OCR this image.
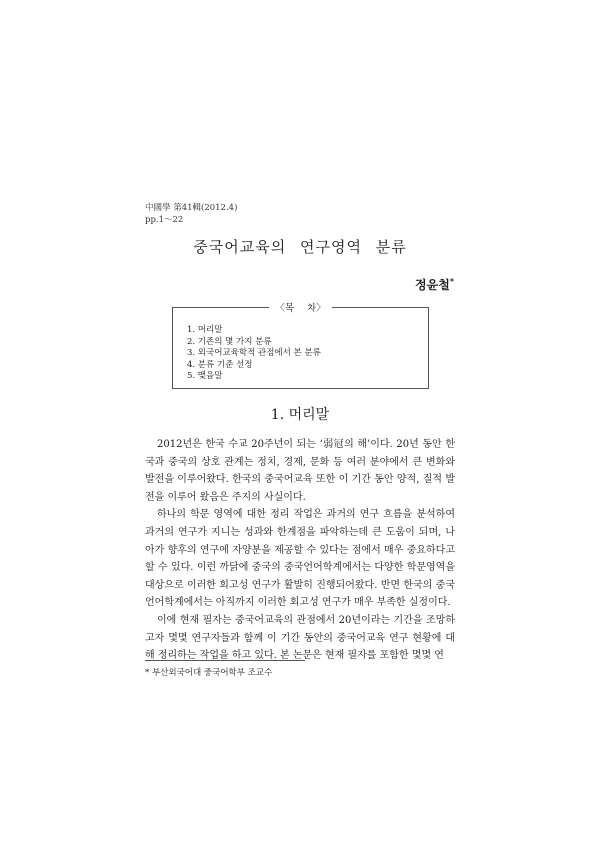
中國學 第41輯(2012.4)
pp.1～22
중국어교육의 연구영역 분류
정윤철*
〈목 차〉
1. 머리말
2. 기존의 몇 가지 분류
3. 외국어교육학적 관점에서 본 분류
4. 분류 기준 선정
5. 맺음말
1. 머리말

2012년은 한국 수교 20주년이 되는 ‘弱冠의 해’이다. 20년 동안 한국과 중국의 상호 관계는 정치, 경제, 문화 등 여러 분야에서 큰 변화와 발전을 이루어왔다. 한국의 중국어교육 또한 이 기간 동안 양적, 질적 발전을 이루어 왔음은 주지의 사실이다.

하나의 학문 영역에 대한 정리 작업은 과거의 연구 흐름을 분석하여 과거의 연구가 지니는 성과와 한계점을 파악하는데 큰 도움이 되며, 나아가 향후의 연구에 자양분을 제공할 수 있다는 점에서 매우 중요하다고 할 수 있다. 이런 까닭에 중국의 중국언어학계에서는 다양한 학문영역을 대상으로 이러한 회고성 연구가 활발히 진행되어왔다. 반면 한국의 중국언어학계에서는 아직까지 이러한 회고성 연구가 매우 부족한 실정이다.

이에 현재 필자는 중국어교육의 관점에서 20년이라는 기간을 조망하고자 몇몇 연구자들과 함께 이 기간 동안의 중국어교육 연구 현황에 대해 정리하는 작업을 하고 있다. 본 논문은 현재 필자를 포함한 몇몇 연

* 부산외국어대 중국어학부 조교수
